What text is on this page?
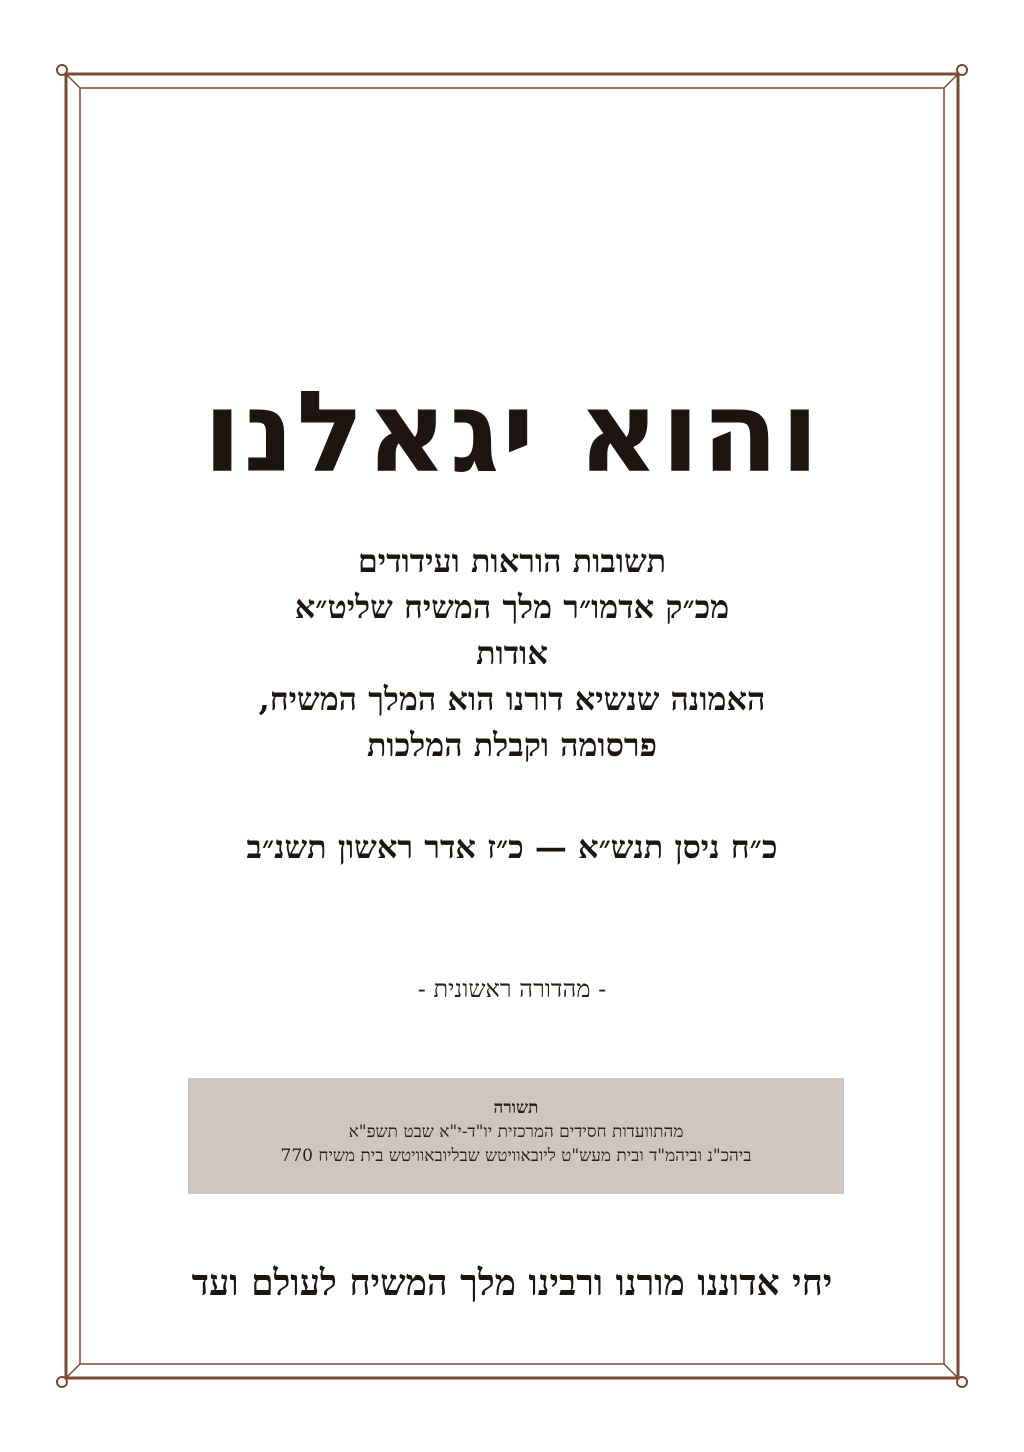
והוא יגאלנו
תשובות הוראות ועידודים
מכ״ק אדמו״ר מלך המשיח שליט״א
אודות
האמונה שנשיא דורנו הוא המלך המשיח,
פרסומה וקבלת המלכות
כ״ח ניסן תנש״א — כ״ז אדר ראשון תשנ״ב
- מהדורה ראשונית -
תשורה
מהתוועדות חסידים המרכזית יו"ד-י"א שבט תשפ"א
ביהכ"נ וביהמ"ד ובית מעש"ט ליובאוויטש שבליובאוויטש בית משיח 770
יחי אדוננו מורנו ורבינו מלך המשיח לעולם ועד
